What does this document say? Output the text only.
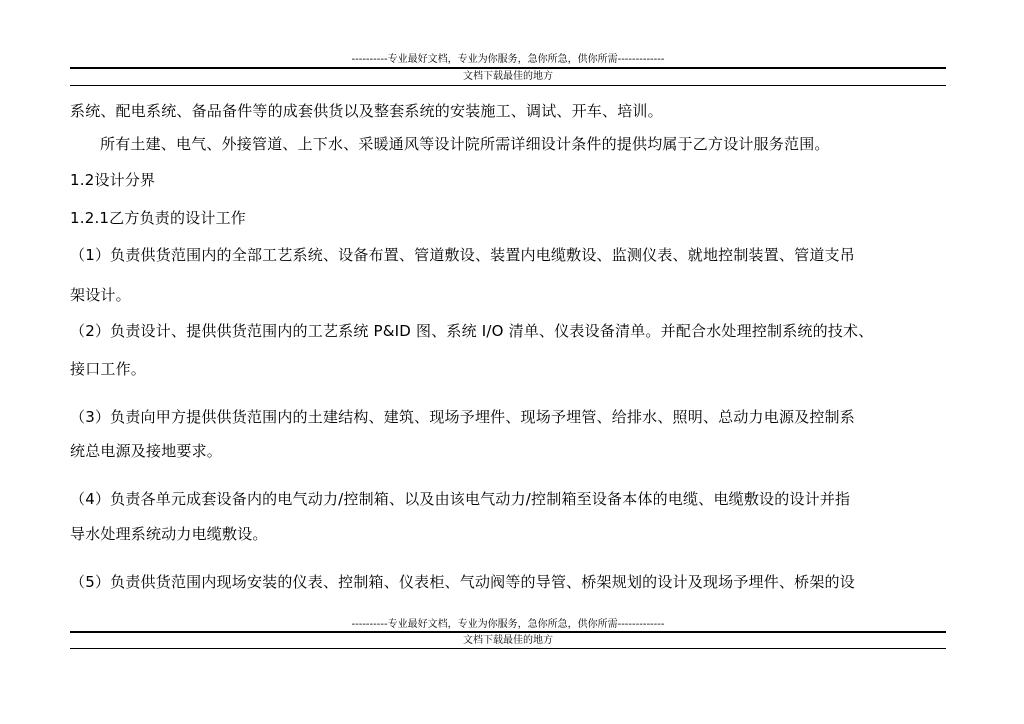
----------专业最好文档，专业为你服务，急你所急，供你所需-------------
文档下载最佳的地方
系统、配电系统、备品备件等的成套供货以及整套系统的安装施工、调试、开车、培训。
所有土建、电气、外接管道、上下水、采暖通风等设计院所需详细设计条件的提供均属于乙方设计服务范围。
1.2设计分界
1.2.1乙方负责的设计工作
（1）负责供货范围内的全部工艺系统、设备布置、管道敷设、装置内电缆敷设、监测仪表、就地控制装置、管道支吊
架设计。
（2）负责设计、提供供货范围内的工艺系统 P&ID 图、系统 I/O 清单、仪表设备清单。并配合水处理控制系统的技术、
接口工作。
（3）负责向甲方提供供货范围内的土建结构、建筑、现场予埋件、现场予埋管、给排水、照明、总动力电源及控制系
统总电源及接地要求。
（4）负责各单元成套设备内的电气动力/控制箱、以及由该电气动力/控制箱至设备本体的电缆、电缆敷设的设计并指
导水处理系统动力电缆敷设。
（5）负责供货范围内现场安装的仪表、控制箱、仪表柜、气动阀等的导管、桥架规划的设计及现场予埋件、桥架的设
----------专业最好文档，专业为你服务，急你所急，供你所需-------------
文档下载最佳的地方
